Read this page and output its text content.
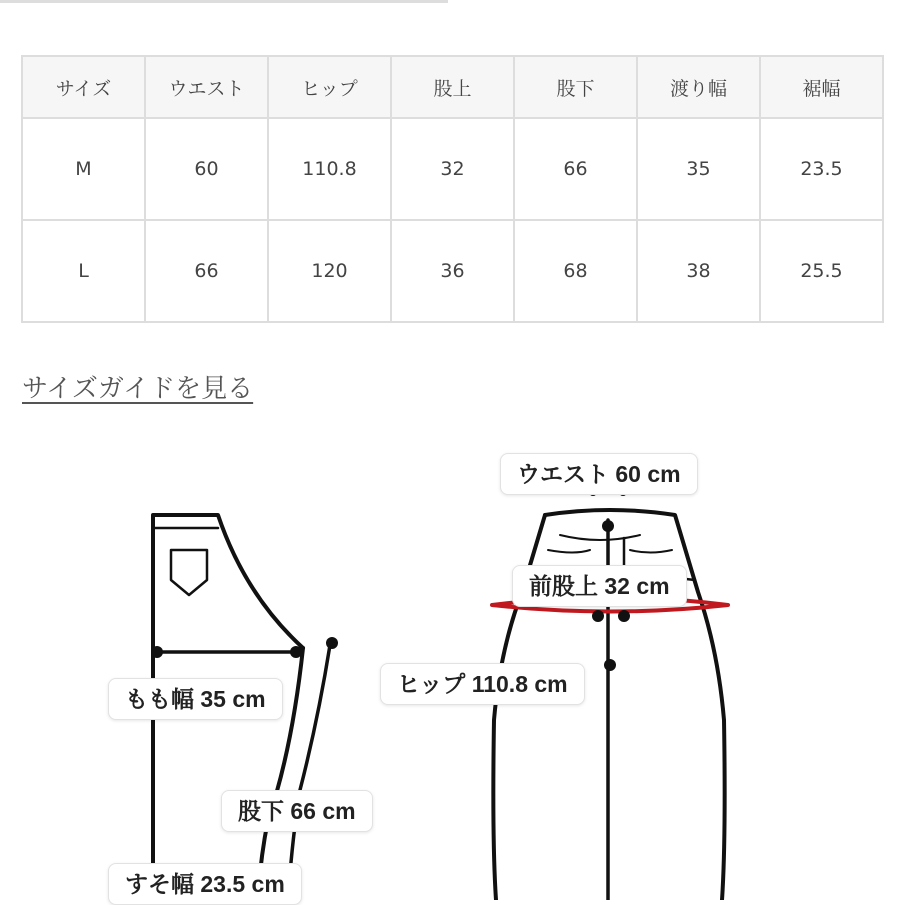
サイズ	ウエスト	ヒップ	股上	股下	渡り幅	裾幅
M	60	110.8	32	66	35	23.5
L	66	120	36	68	38	25.5
サイズガイドを見る
ウエスト 60 cm
前股上 32 cm
ヒップ 110.8 cm
もも幅 35 cm
股下 66 cm
すそ幅 23.5 cm
